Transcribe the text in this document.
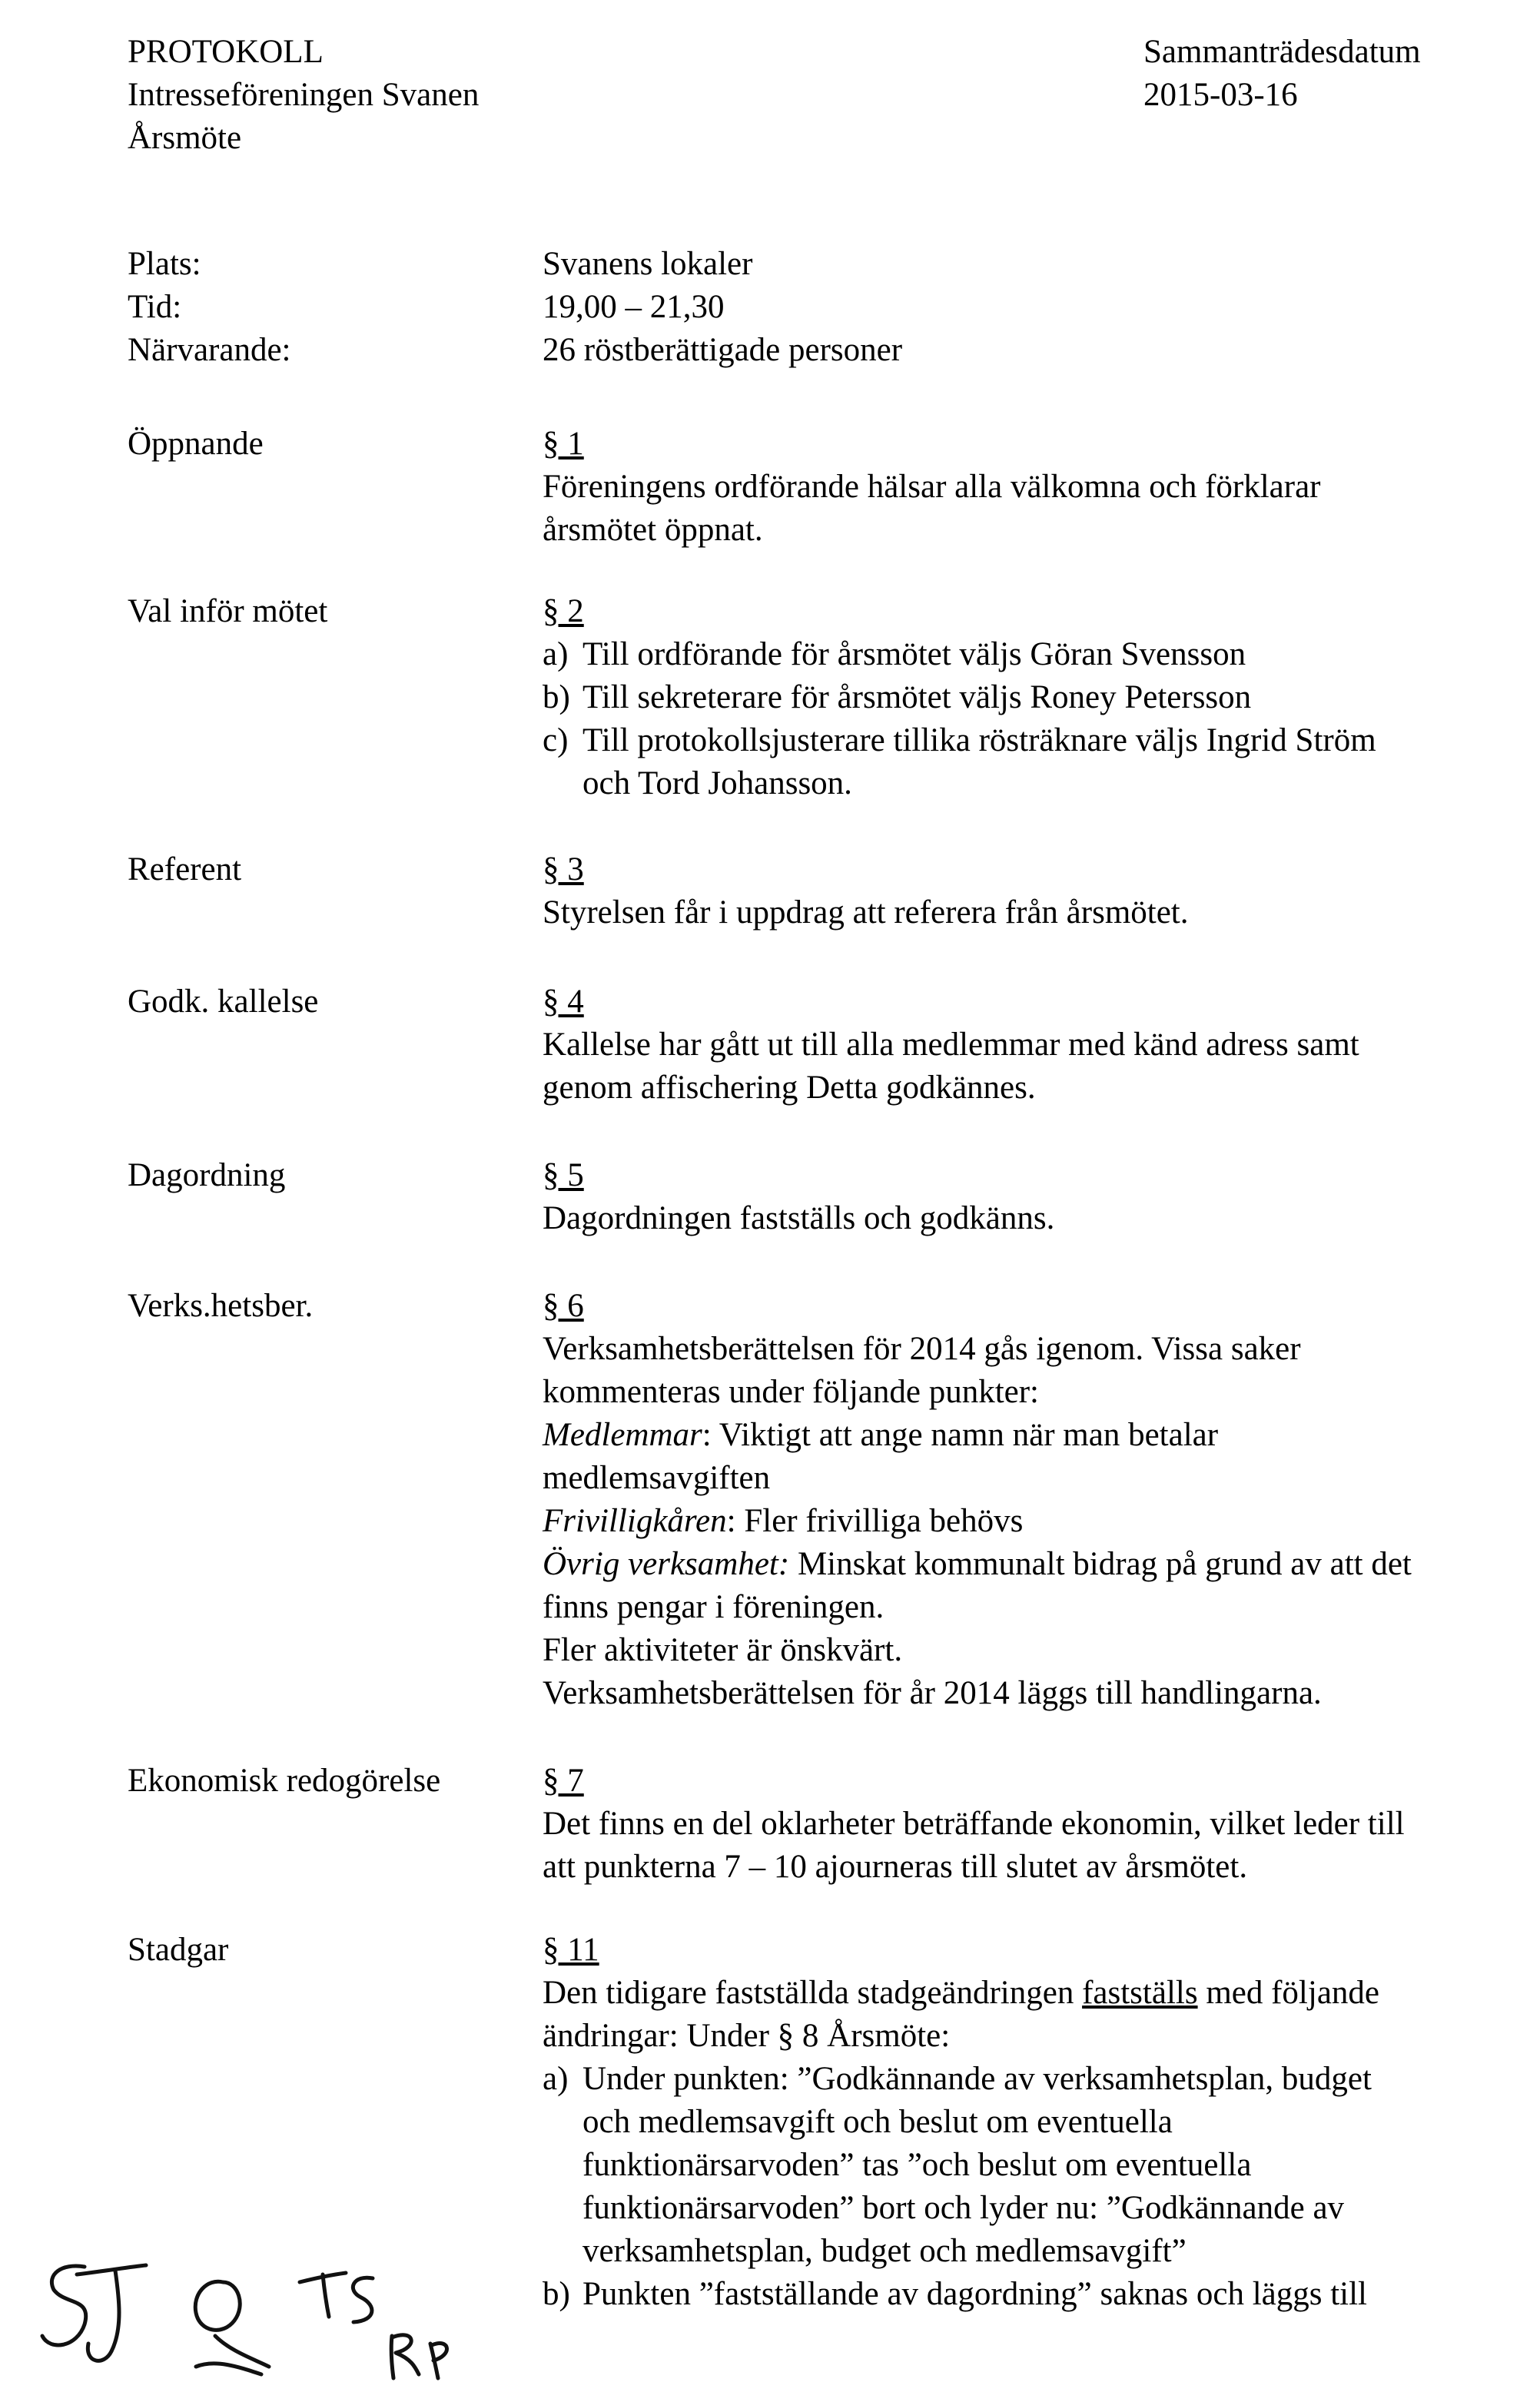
PROTOKOLL
Intresseföreningen Svanen
Årsmöte
Sammanträdesdatum
2015-03-16
Plats:	Svanens lokaler
Tid:	19,00 – 21,30
Närvarande:	26 röstberättigade personer
Öppnande	§ 1
Föreningens ordförande hälsar alla välkomna och förklarar
årsmötet öppnat.
Val inför mötet	§ 2
a) Till ordförande för årsmötet väljs Göran Svensson
b) Till sekreterare för årsmötet väljs Roney Petersson
c) Till protokollsjusterare tillika rösträknare väljs Ingrid Ström
och Tord Johansson.
Referent	§ 3
Styrelsen får i uppdrag att referera från årsmötet.
Godk. kallelse	§ 4
Kallelse har gått ut till alla medlemmar med känd adress samt
genom affischering Detta godkännes.
Dagordning	§ 5
Dagordningen fastställs och godkänns.
Verks.hetsber.	§ 6
Verksamhetsberättelsen för 2014 gås igenom. Vissa saker
kommenteras under följande punkter:
Medlemmar: Viktigt att ange namn när man betalar
medlemsavgiften
Frivilligkåren: Fler frivilliga behövs
Övrig verksamhet: Minskat kommunalt bidrag på grund av att det
finns pengar i föreningen.
Fler aktiviteter är önskvärt.
Verksamhetsberättelsen för år 2014 läggs till handlingarna.
Ekonomisk redogörelse	§ 7
Det finns en del oklarheter beträffande ekonomin, vilket leder till
att punkterna 7 – 10 ajourneras till slutet av årsmötet.
Stadgar	§ 11
Den tidigare fastställda stadgeändringen fastställs med följande
ändringar: Under § 8 Årsmöte:
a) Under punkten: ”Godkännande av verksamhetsplan, budget
och medlemsavgift och beslut om eventuella
funktionärsarvoden” tas ”och beslut om eventuella
funktionärsarvoden” bort och lyder nu: ”Godkännande av
verksamhetsplan, budget och medlemsavgift”
b) Punkten ”fastställande av dagordning” saknas och läggs till
